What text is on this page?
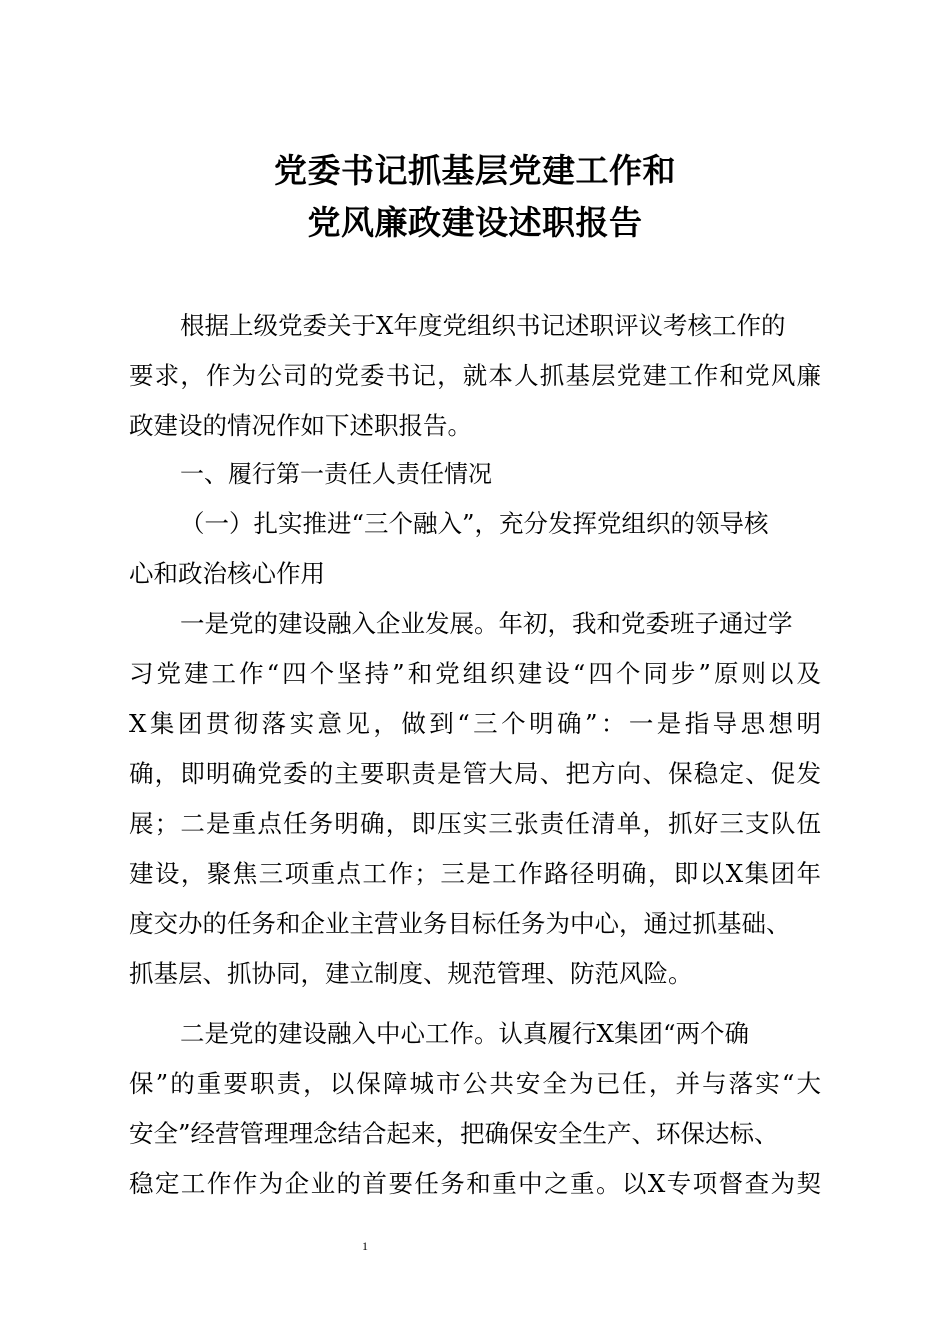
党委书记抓基层党建工作和
党风廉政建设述职报告

根据上级党委关于X年度党组织书记述职评议考核工作的

要求，作为公司的党委书记，就本人抓基层党建工作和党风廉

政建设的情况作如下述职报告。

一、履行第一责任人责任情况

（一）扎实推进“三个融入”，充分发挥党组织的领导核

心和政治核心作用

一是党的建设融入企业发展。年初，我和党委班子通过学

习党建工作“四个坚持”和党组织建设“四个同步”原则以及

X集团贯彻落实意见，做到“三个明确”：一是指导思想明

确，即明确党委的主要职责是管大局、把方向、保稳定、促发

展；二是重点任务明确，即压实三张责任清单，抓好三支队伍

建设，聚焦三项重点工作；三是工作路径明确，即以X集团年

度交办的任务和企业主营业务目标任务为中心，通过抓基础、

抓基层、抓协同，建立制度、规范管理、防范风险。

二是党的建设融入中心工作。认真履行X集团“两个确

保”的重要职责，以保障城市公共安全为已任，并与落实“大

安全”经营管理理念结合起来，把确保安全生产、环保达标、

稳定工作作为企业的首要任务和重中之重。以X专项督查为契

1
